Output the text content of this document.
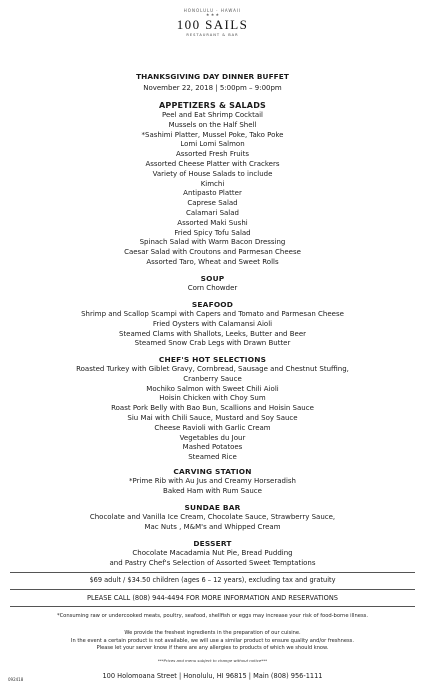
HONOLULU · HAWAII
★ ★ ★
100 SAILS
RESTAURANT & BAR
THANKSGIVING DAY DINNER BUFFET
November 22, 2018 | 5:00pm – 9:00pm
APPETIZERS & SALADS
Peel and Eat Shrimp Cocktail
Mussels on the Half Shell
*Sashimi Platter, Mussel Poke, Tako Poke
Lomi Lomi Salmon
Assorted Fresh Fruits
Assorted Cheese Platter with Crackers
Variety of House Salads to include
Kimchi
Antipasto Platter
Caprese Salad
Calamari Salad
Assorted Maki Sushi
Fried Spicy Tofu Salad
Spinach Salad with Warm Bacon Dressing
Caesar Salad with Croutons and Parmesan Cheese
Assorted Taro, Wheat and Sweet Rolls
SOUP
Corn Chowder
SEAFOOD
Shrimp and Scallop Scampi with Capers and Tomato and Parmesan Cheese
Fried Oysters with Calamansi Aioli
Steamed Clams with Shallots, Leeks, Butter and Beer
Steamed Snow Crab Legs with Drawn Butter
CHEF'S HOT SELECTIONS
Roasted Turkey with Giblet Gravy, Cornbread, Sausage and Chestnut Stuffing,
Cranberry Sauce
Mochiko Salmon with Sweet Chili Aioli
Hoisin Chicken with Choy Sum
Roast Pork Belly with Bao Bun, Scallions and Hoisin Sauce
Siu Mai with Chili Sauce, Mustard and Soy Sauce
Cheese Ravioli with Garlic Cream
Vegetables du Jour
Mashed Potatoes
Steamed Rice
CARVING STATION
*Prime Rib with Au Jus and Creamy Horseradish
Baked Ham with Rum Sauce
SUNDAE BAR
Chocolate and Vanilla Ice Cream, Chocolate Sauce, Strawberry Sauce,
Mac Nuts , M&M's and Whipped Cream
DESSERT
Chocolate Macadamia Nut Pie, Bread Pudding
and Pastry Chef's Selection of Assorted Sweet Temptations
$69 adult / $34.50 children (ages 6 – 12 years), excluding tax and gratuity
PLEASE CALL (808) 944-4494 FOR MORE INFORMATION AND RESERVATIONS
*Consuming raw or undercooked meats, poultry, seafood, shellfish or eggs may increase your risk of food-borne illness.
We provide the freshest ingredients in the preparation of our cuisine.
In the event a certain product is not available, we will use a similar product to ensure quality and/or freshness.
Please let your server know if there are any allergies to products of which we should know.
***Prices and menu subject to change without notice***
092418	100 Holomoana Street | Honolulu, HI 96815 | Main (808) 956-1111
